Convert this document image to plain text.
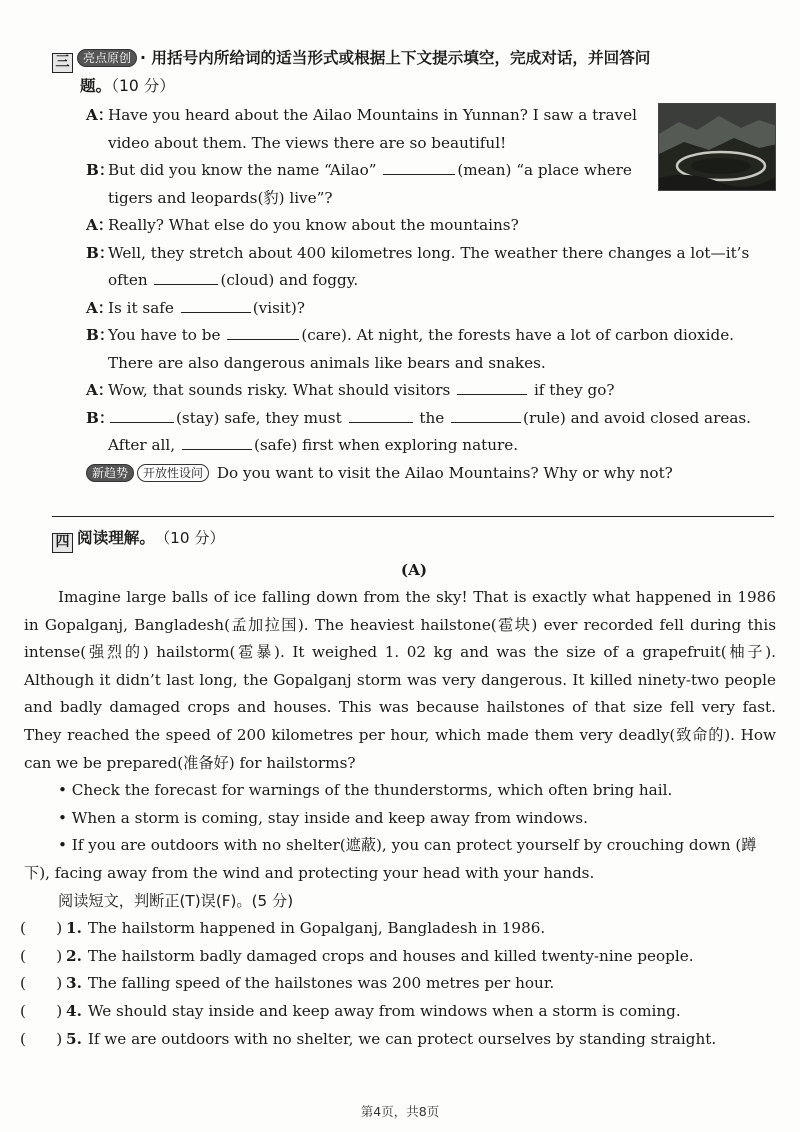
三	亮点原创 · 用括号内所给词的适当形式或根据上下文提示填空，完成对话，并回答问
题。（10 分）
A：
Have you heard about the Ailao Mountains in Yunnan? I saw a travel
video about them. The views there are so beautiful!
B：
But did you know the name “Ailao”	(mean) “a place where
tigers and leopards(豹) live”?
A：
Really? What else do you know about the mountains?
B：
Well, they stretch about 400 kilometres long. The weather there changes a lot—it’s
often	(cloud) and foggy.
A：
Is it safe	(visit)?
B：
You have to be	(care). At night, the forests have a lot of carbon dioxide.
There are also dangerous animals like bears and snakes.
A：
Wow, that sounds risky. What should visitors	if they go?
B：	(stay) safe, they must	the	(rule) and avoid closed areas.
After all,	(safe) first when exploring nature.
新趋势 开放性设问 Do you want to visit the Ailao Mountains? Why or why not?
四 阅读理解。 （10 分）
(A)
Imagine large balls of ice falling down from the sky! That is exactly what happened in 1986 in Gopalganj, Bangladesh(孟加拉国). The heaviest hailstone(雹块) ever recorded fell during this intense(强烈的) hailstorm(雹暴). It weighed 1. 02 kg and was the size of a grapefruit(柚子). Although it didn’t last long, the Gopalganj storm was very dangerous. It killed ninety-two people and badly damaged crops and houses. This was because hailstones of that size fell very fast. They reached the speed of 200 kilometres per hour, which made them very deadly(致命的). How can we be prepared(准备好) for hailstorms?
• Check the forecast for warnings of the thunderstorms, which often bring hail.
• When a storm is coming, stay inside and keep away from windows.
• If you are outdoors with no shelter(遮蔽), you can protect yourself by crouching down (蹲下), facing away from the wind and protecting your head with your hands.
阅读短文，判断正(T)误(F)。(5 分)
(　　) 1. The hailstorm happened in Gopalganj, Bangladesh in 1986.
(　　) 2. The hailstorm badly damaged crops and houses and killed twenty-nine people.
(　　) 3. The falling speed of the hailstones was 200 metres per hour.
(　　) 4. We should stay inside and keep away from windows when a storm is coming.
(　　) 5. If we are outdoors with no shelter, we can protect ourselves by standing straight.
第4页，共8页
